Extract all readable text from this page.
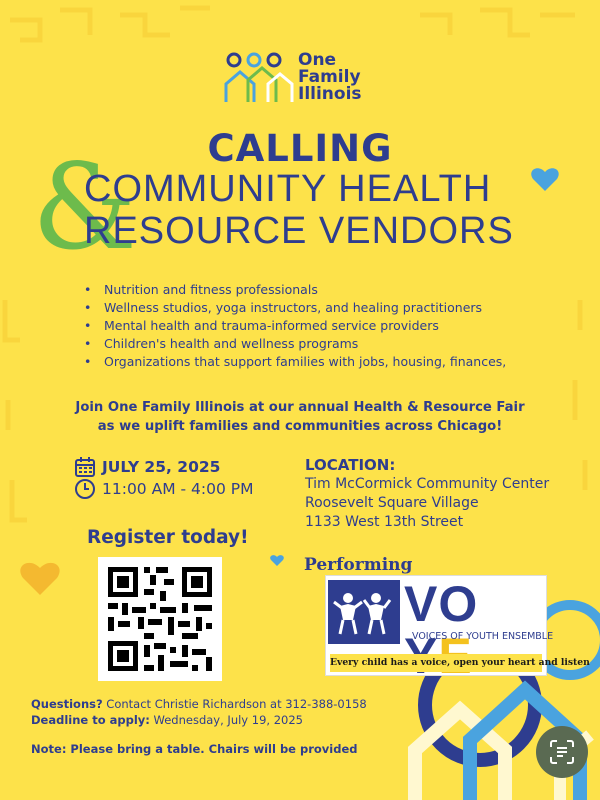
One
Family
Illinois
CALLING
&
COMMUNITY HEALTH
RESOURCE VENDORS
• Nutrition and fitness professionals
• Wellness studios, yoga instructors, and healing practitioners
• Mental health and trauma-informed service providers
• Children's health and wellness programs
• Organizations that support families with jobs, housing, finances,
Join One Family Illinois at our annual Health & Resource Fair
as we uplift families and communities across Chicago!
JULY 25, 2025
11:00 AM - 4:00 PM
LOCATION:
Tim McCormick Community Center
Roosevelt Square Village
1133 West 13th Street
Register today!
Performing
VO
VOICES OF YOUTH ENSEMBLE
Every child has a voice, open your heart and listen
Questions? Contact Christie Richardson at 312-388-0158
Deadline to apply: Wednesday, July 19, 2025
Note: Please bring a table. Chairs will be provided
